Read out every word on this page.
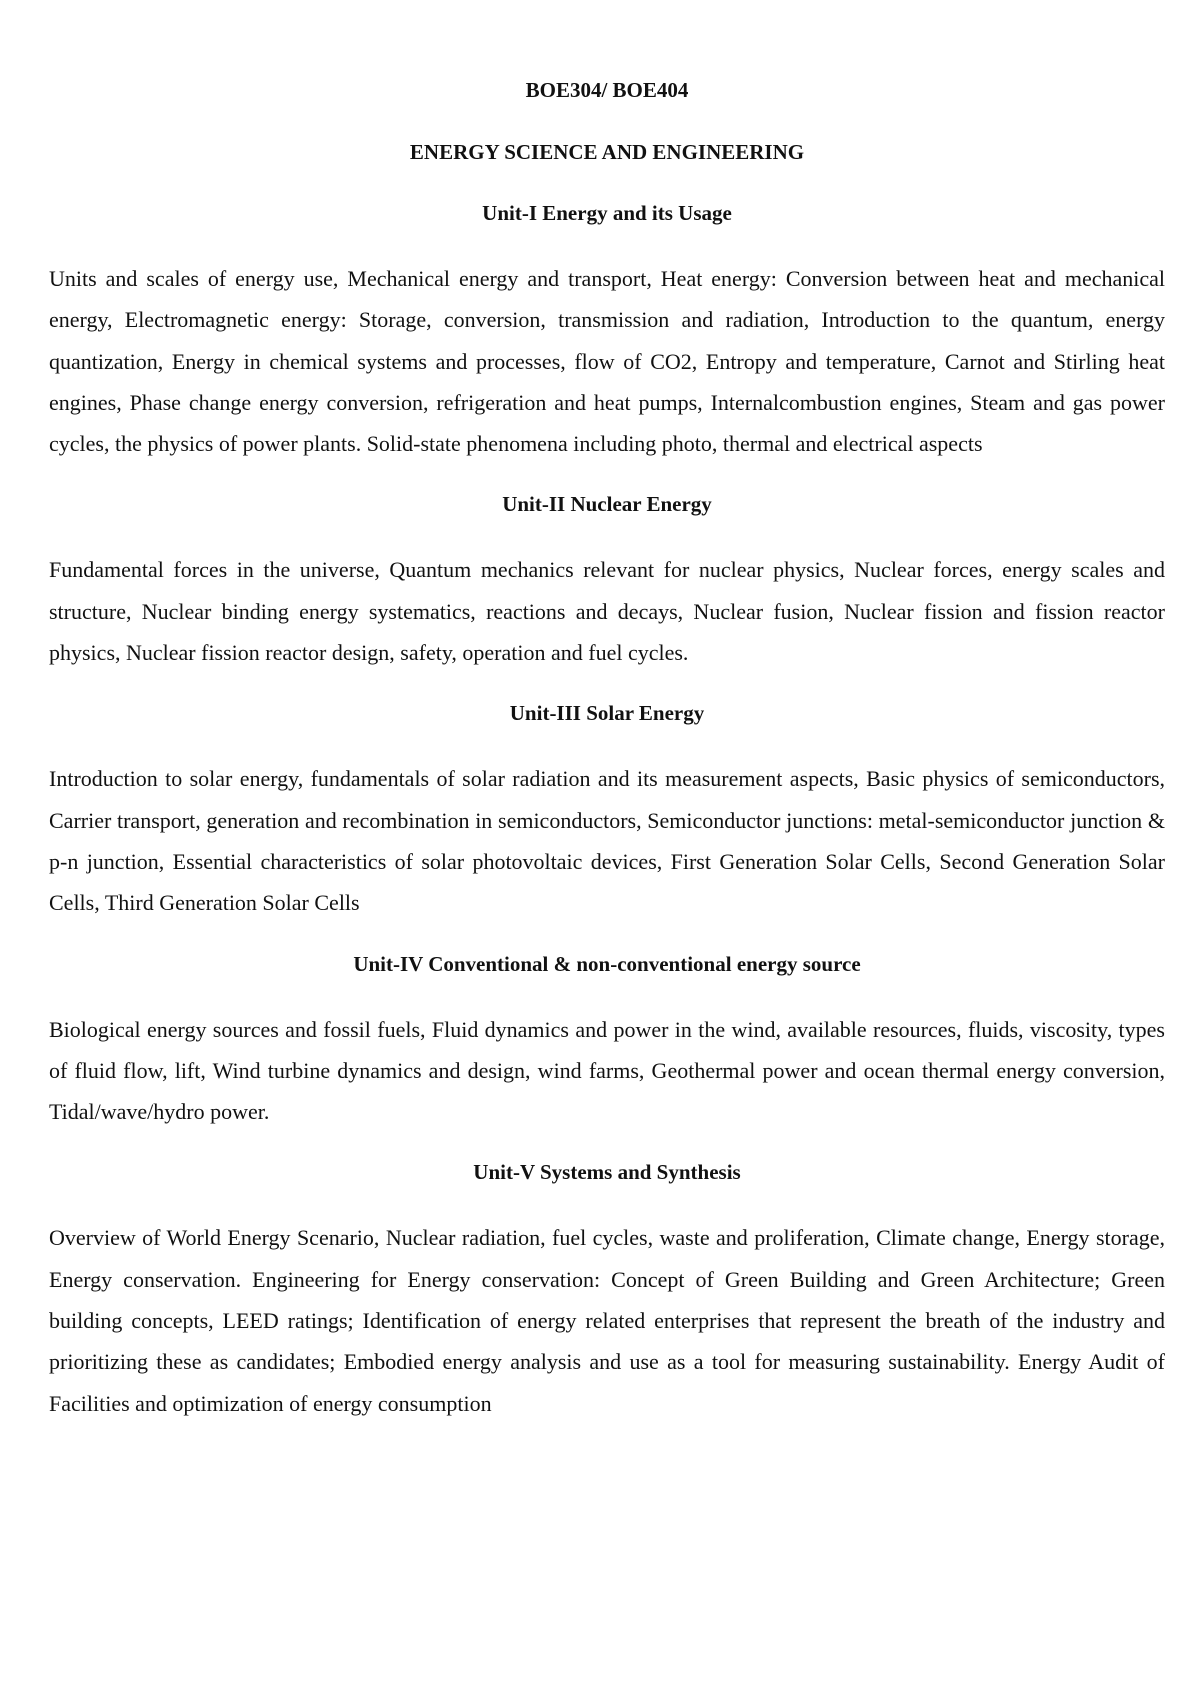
BOE304/ BOE404
ENERGY SCIENCE AND ENGINEERING
Unit-I Energy and its Usage

Units and scales of energy use, Mechanical energy and transport, Heat energy: Conversion between heat and mechanical energy, Electromagnetic energy: Storage, conversion, transmission and radiation, Introduction to the quantum, energy quantization, Energy in chemical systems and processes, flow of CO2, Entropy and temperature, Carnot and Stirling heat engines, Phase change energy conversion, refrigeration and heat pumps, Internalcombustion engines, Steam and gas power cycles, the physics of power plants. Solid-state phenomena including photo, thermal and electrical aspects

Unit-II Nuclear Energy

Fundamental forces in the universe, Quantum mechanics relevant for nuclear physics, Nuclear forces, energy scales and structure, Nuclear binding energy systematics, reactions and decays, Nuclear fusion, Nuclear fission and fission reactor physics, Nuclear fission reactor design, safety, operation and fuel cycles.

Unit-III Solar Energy

Introduction to solar energy, fundamentals of solar radiation and its measurement aspects, Basic physics of semiconductors, Carrier transport, generation and recombination in semiconductors, Semiconductor junctions: metal-semiconductor junction & p-n junction, Essential characteristics of solar photovoltaic devices, First Generation Solar Cells, Second Generation Solar Cells, Third Generation Solar Cells

Unit-IV Conventional & non-conventional energy source

Biological energy sources and fossil fuels, Fluid dynamics and power in the wind, available resources, fluids, viscosity, types of fluid flow, lift, Wind turbine dynamics and design, wind farms, Geothermal power and ocean thermal energy conversion, Tidal/wave/hydro power.

Unit-V Systems and Synthesis

Overview of World Energy Scenario, Nuclear radiation, fuel cycles, waste and proliferation, Climate change, Energy storage, Energy conservation. Engineering for Energy conservation: Concept of Green Building and Green Architecture; Green building concepts, LEED ratings; Identification of energy related enterprises that represent the breath of the industry and prioritizing these as candidates; Embodied energy analysis and use as a tool for measuring sustainability. Energy Audit of Facilities and optimization of energy consumption
